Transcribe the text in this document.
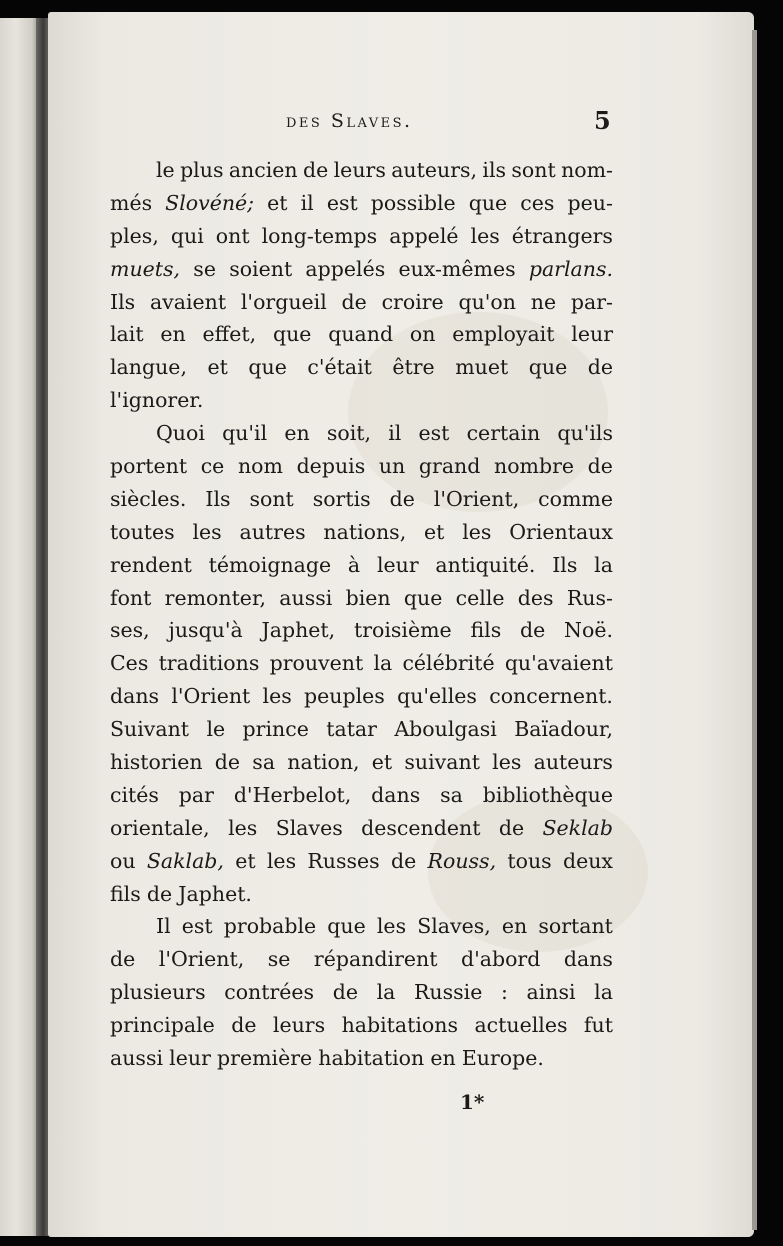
des Slaves.	5
le plus ancien de leurs auteurs, ils sont nom-
més Slovéné; et il est possible que ces peu-
ples, qui ont long-temps appelé les étrangers
muets, se soient appelés eux-mêmes parlans.
Ils avaient l'orgueil de croire qu'on ne par-
lait en effet, que quand on employait leur
langue, et que c'était être muet que de
l'ignorer.
Quoi qu'il en soit, il est certain qu'ils
portent ce nom depuis un grand nombre de
siècles. Ils sont sortis de l'Orient, comme
toutes les autres nations, et les Orientaux
rendent témoignage à leur antiquité. Ils la
font remonter, aussi bien que celle des Rus-
ses, jusqu'à Japhet, troisième fils de Noë.
Ces traditions prouvent la célébrité qu'avaient
dans l'Orient les peuples qu'elles concernent.
Suivant le prince tatar Aboulgasi Baïadour,
historien de sa nation, et suivant les auteurs
cités par d'Herbelot, dans sa bibliothèque
orientale, les Slaves descendent de Seklab
ou Saklab, et les Russes de Rouss, tous deux
fils de Japhet.
Il est probable que les Slaves, en sortant
de l'Orient, se répandirent d'abord dans
plusieurs contrées de la Russie : ainsi la
principale de leurs habitations actuelles fut
aussi leur première habitation en Europe.
1*
